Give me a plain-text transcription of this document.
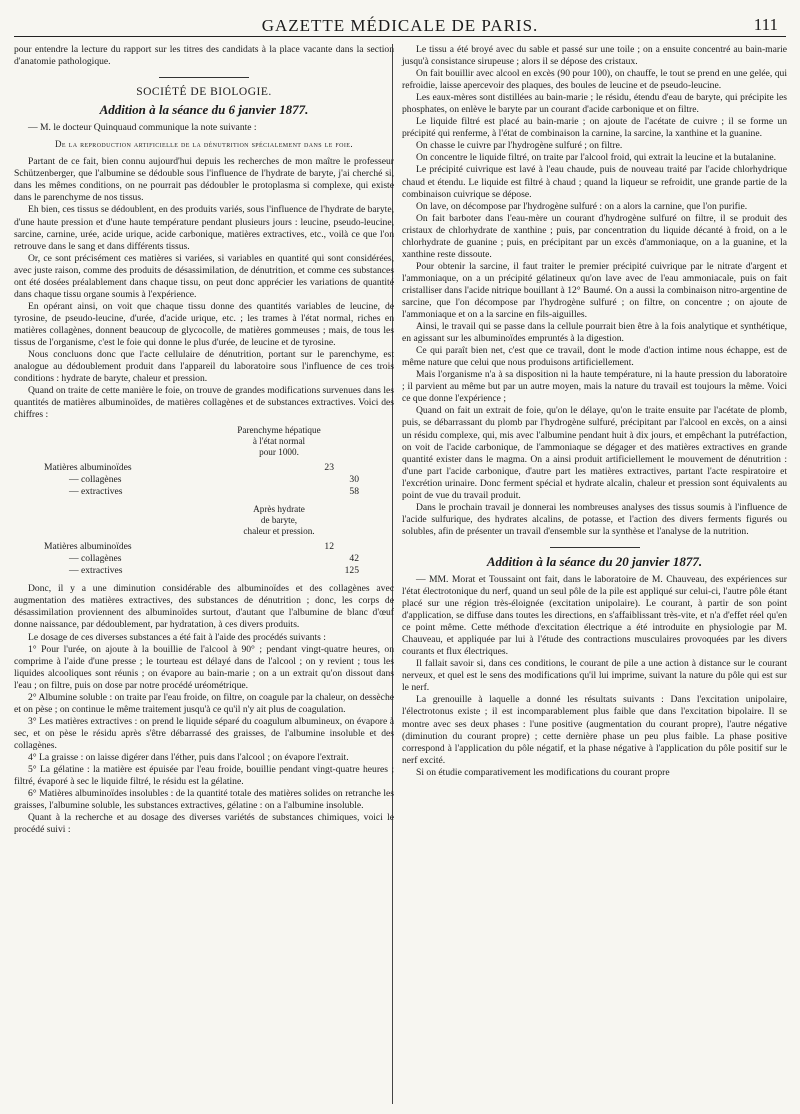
GAZETTE MÉDICALE DE PARIS.	111

pour entendre la lecture du rapport sur les titres des candidats à la place vacante dans la section d'anatomie pathologique.

SOCIÉTÉ DE BIOLOGIE.
Addition à la séance du 6 janvier 1877.

— M. le docteur Quinquaud communique la note suivante :

De la reproduction artificielle de la dénutrition spécialement dans le foie.

Partant de ce fait, bien connu aujourd'hui depuis les recherches de mon maître le professeur Schützenberger, que l'albumine se dédouble sous l'influence de l'hydrate de baryte, j'ai cherché si, dans les mêmes conditions, on ne pourrait pas dédoubler le protoplasma si complexe, qui existe dans le parenchyme de nos tissus.

Eh bien, ces tissus se dédoublent, en des produits variés, sous l'influence de l'hydrate de baryte, d'une haute pression et d'une haute température pendant plusieurs jours : leucine, pseudo-leucine, sarcine, carnine, urée, acide urique, acide carbonique, matières extractives, etc., voilà ce que l'on retrouve dans le sang et dans différents tissus.

Or, ce sont précisément ces matières si variées, si variables en quantité qui sont considérées, avec juste raison, comme des produits de désassimilation, de dénutrition, et comme ces substances ont été dosées préalablement dans chaque tissu, on peut donc apprécier les variations de quantité dans chaque tissu organe soumis à l'expérience.

En opérant ainsi, on voit que chaque tissu donne des quantités variables de leucine, de tyrosine, de pseudo-leucine, d'urée, d'acide urique, etc. ; les trames à l'état normal, riches en matières collagènes, donnent beaucoup de glycocolle, de matières gommeuses ; mais, de tous les tissus de l'organisme, c'est le foie qui donne le plus d'urée, de leucine et de tyrosine.

Nous concluons donc que l'acte cellulaire de dénutrition, portant sur le parenchyme, est analogue au dédoublement produit dans l'appareil du laboratoire sous l'influence de ces trois conditions : hydrate de baryte, chaleur et pression.

Quand on traite de cette manière le foie, on trouve de grandes modifications survenues dans les quantités de matières albuminoïdes, de matières collagènes et de substances extractives. Voici des chiffres :

Parenchyme hépatique
à l'état normal
pour 1000.
Matières albuminoïdes	23
— collagènes	30
— extractives	58
Après hydrate
de baryte,
chaleur et pression.
Matières albuminoïdes	12
— collagènes	42
— extractives	125

Donc, il y a une diminution considérable des albuminoïdes et des collagènes avec augmentation des matières extractives, des substances de dénutrition ; donc, les corps de désassimilation proviennent des albuminoïdes surtout, d'autant que l'albumine de blanc d'œuf donne naissance, par dédoublement, par hydratation, à ces divers produits.

Le dosage de ces diverses substances a été fait à l'aide des procédés suivants :

1° Pour l'urée, on ajoute à la bouillie de l'alcool à 90° ; pendant vingt-quatre heures, on comprime à l'aide d'une presse ; le tourteau est délayé dans de l'alcool ; on y revient ; tous les liquides alcooliques sont réunis ; on évapore au bain-marie ; on a un extrait qu'on dissout dans l'eau ; on filtre, puis on dose par notre procédé uréométrique.

2° Albumine soluble : on traite par l'eau froide, on filtre, on coagule par la chaleur, on dessèche et on pèse ; on continue le même traitement jusqu'à ce qu'il n'y ait plus de coagulation.

3° Les matières extractives : on prend le liquide séparé du coagulum albumineux, on évapore à sec, et on pèse le résidu après s'être débarrassé des graisses, de l'albumine insoluble et des collagènes.

4° La graisse : on laisse digérer dans l'éther, puis dans l'alcool ; on évapore l'extrait.

5° La gélatine : la matière est épuisée par l'eau froide, bouillie pendant vingt-quatre heures ; filtré, évaporé à sec le liquide filtré, le résidu est la gélatine.

6° Matières albuminoïdes insolubles : de la quantité totale des matières solides on retranche les graisses, l'albumine soluble, les substances extractives, gélatine : on a l'albumine insoluble.

Quant à la recherche et au dosage des diverses variétés de substances chimiques, voici le procédé suivi :

Le tissu a été broyé avec du sable et passé sur une toile ; on a ensuite concentré au bain-marie jusqu'à consistance sirupeuse ; alors il se dépose des cristaux.

On fait bouillir avec alcool en excès (90 pour 100), on chauffe, le tout se prend en une gelée, qui refroidie, laisse apercevoir des plaques, des boules de leucine et de pseudo-leucine.

Les eaux-mères sont distillées au bain-marie ; le résidu, étendu d'eau de baryte, qui précipite les phosphates, on enlève le baryte par un courant d'acide carbonique et on filtre.

Le liquide filtré est placé au bain-marie ; on ajoute de l'acétate de cuivre ; il se forme un précipité qui renferme, à l'état de combinaison la carnine, la sarcine, la xanthine et la guanine.

On chasse le cuivre par l'hydrogène sulfuré ; on filtre.

On concentre le liquide filtré, on traite par l'alcool froid, qui extrait la leucine et la butalanine.

Le précipité cuivrique est lavé à l'eau chaude, puis de nouveau traité par l'acide chlorhydrique chaud et étendu. Le liquide est filtré à chaud ; quand la liqueur se refroidit, une grande partie de la combinaison cuivrique se dépose.

On lave, on décompose par l'hydrogène sulfuré : on a alors la carnine, que l'on purifie.

On fait barboter dans l'eau-mère un courant d'hydrogène sulfuré on filtre, il se produit des cristaux de chlorhydrate de xanthine ; puis, par concentration du liquide décanté à froid, on a le chlorhydrate de guanine ; puis, en précipitant par un excès d'ammoniaque, on a la guanine, et la xanthine reste dissoute.

Pour obtenir la sarcine, il faut traiter le premier précipité cuivrique par le nitrate d'argent et l'ammoniaque, on a un précipité gélatineux qu'on lave avec de l'eau ammoniacale, puis on fait cristalliser dans l'acide nitrique bouillant à 12° Baumé. On a aussi la combinaison nitro-argentine de sarcine, que l'on décompose par l'hydrogène sulfuré ; on filtre, on concentre ; on ajoute de l'ammoniaque et on a la sarcine en fils-aiguilles.

Ainsi, le travail qui se passe dans la cellule pourrait bien être à la fois analytique et synthétique, en agissant sur les albuminoïdes empruntés à la digestion.

Ce qui paraît bien net, c'est que ce travail, dont le mode d'action intime nous échappe, est de même nature que celui que nous produisons artificiellement.

Mais l'organisme n'a à sa disposition ni la haute température, ni la haute pression du laboratoire ; il parvient au même but par un autre moyen, mais la nature du travail est toujours la même. Voici ce que donne l'expérience ;

Quand on fait un extrait de foie, qu'on le délaye, qu'on le traite ensuite par l'acétate de plomb, puis, se débarrassant du plomb par l'hydrogène sulfuré, précipitant par l'alcool en excès, on a ainsi un résidu complexe, qui, mis avec l'albumine pendant huit à dix jours, et empêchant la putréfaction, on voit de l'acide carbonique, de l'ammoniaque se dégager et des matières extractives en grande quantité exister dans le magma. On a ainsi produit artificiellement le mouvement de dénutrition : d'une part l'acide carbonique, d'autre part les matières extractives, partant l'acte respiratoire et l'excrétion urinaire. Donc ferment spécial et hydrate alcalin, chaleur et pression sont équivalents au point de vue du travail produit.

Dans le prochain travail je donnerai les nombreuses analyses des tissus soumis à l'influence de l'acide sulfurique, des hydrates alcalins, de potasse, et l'action des divers ferments figurés ou solubles, afin de présenter un travail d'ensemble sur la synthèse et l'analyse de la nutrition.

Addition à la séance du 20 janvier 1877.

— MM. Morat et Toussaint ont fait, dans le laboratoire de M. Chauveau, des expériences sur l'état électrotonique du nerf, quand un seul pôle de la pile est appliqué sur celui-ci, l'autre pôle étant placé sur une région très-éloignée (excitation unipolaire). Le courant, à partir de son point d'application, se diffuse dans toutes les directions, en s'affaiblissant très-vite, et n'a d'effet réel qu'en ce point même. Cette méthode d'excitation électrique a été introduite en physiologie par M. Chauveau, et appliquée par lui à l'étude des contractions musculaires provoquées par les divers courants et flux électriques.

Il fallait savoir si, dans ces conditions, le courant de pile a une action à distance sur le courant nerveux, et quel est le sens des modifications qu'il lui imprime, suivant la nature du pôle qui est sur le nerf.

La grenouille à laquelle a donné les résultats suivants : Dans l'excitation unipolaire, l'électrotonus existe ; il est incomparablement plus faible que dans l'excitation bipolaire. Il se montre avec ses deux phases : l'une positive (augmentation du courant propre), l'autre négative (diminution du courant propre) ; cette dernière phase un peu plus faible. La phase positive correspond à l'application du pôle négatif, et la phase négative à l'application du pôle positif sur le nerf excité.

Si on étudie comparativement les modifications du courant propre
